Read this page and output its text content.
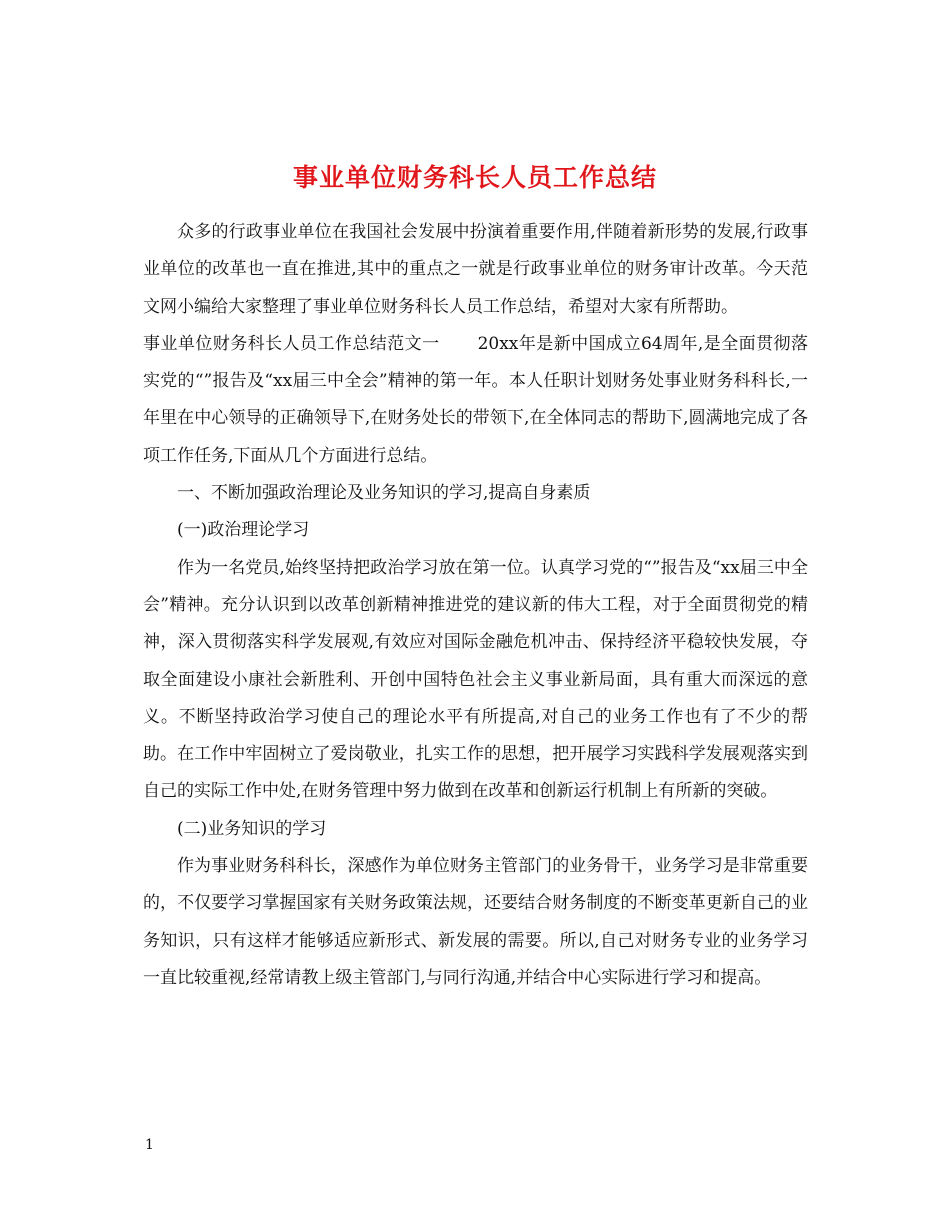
事业单位财务科长人员工作总结

众多的行政事业单位在我国社会发展中扮演着重要作用,伴随着新形势的发展,行政事业单位的改革也一直在推进,其中的重点之一就是行政事业单位的财务审计改革。今天范文网小编给大家整理了事业单位财务科长人员工作总结，希望对大家有所帮助。

事业单位财务科长人员工作总结范文一 20xx年是新中国成立64周年,是全面贯彻落实党的“”报告及“xx届三中全会”精神的第一年。本人任职计划财务处事业财务科科长,一年里在中心领导的正确领导下,在财务处长的带领下,在全体同志的帮助下,圆满地完成了各项工作任务,下面从几个方面进行总结。

一、不断加强政治理论及业务知识的学习,提高自身素质

(一)政治理论学习

作为一名党员,始终坚持把政治学习放在第一位。认真学习党的“”报告及“xx届三中全会”精神。充分认识到以改革创新精神推进党的建议新的伟大工程，对于全面贯彻党的精神，深入贯彻落实科学发展观,有效应对国际金融危机冲击、保持经济平稳较快发展，夺取全面建设小康社会新胜利、开创中国特色社会主义事业新局面，具有重大而深远的意义。不断坚持政治学习使自己的理论水平有所提高,对自己的业务工作也有了不少的帮助。在工作中牢固树立了爱岗敬业，扎实工作的思想，把开展学习实践科学发展观落实到自己的实际工作中处,在财务管理中努力做到在改革和创新运行机制上有所新的突破。

(二)业务知识的学习

作为事业财务科科长，深感作为单位财务主管部门的业务骨干，业务学习是非常重要的，不仅要学习掌握国家有关财务政策法规，还要结合财务制度的不断变革更新自己的业务知识，只有这样才能够适应新形式、新发展的需要。所以,自己对财务专业的业务学习一直比较重视,经常请教上级主管部门,与同行沟通,并结合中心实际进行学习和提高。

1
